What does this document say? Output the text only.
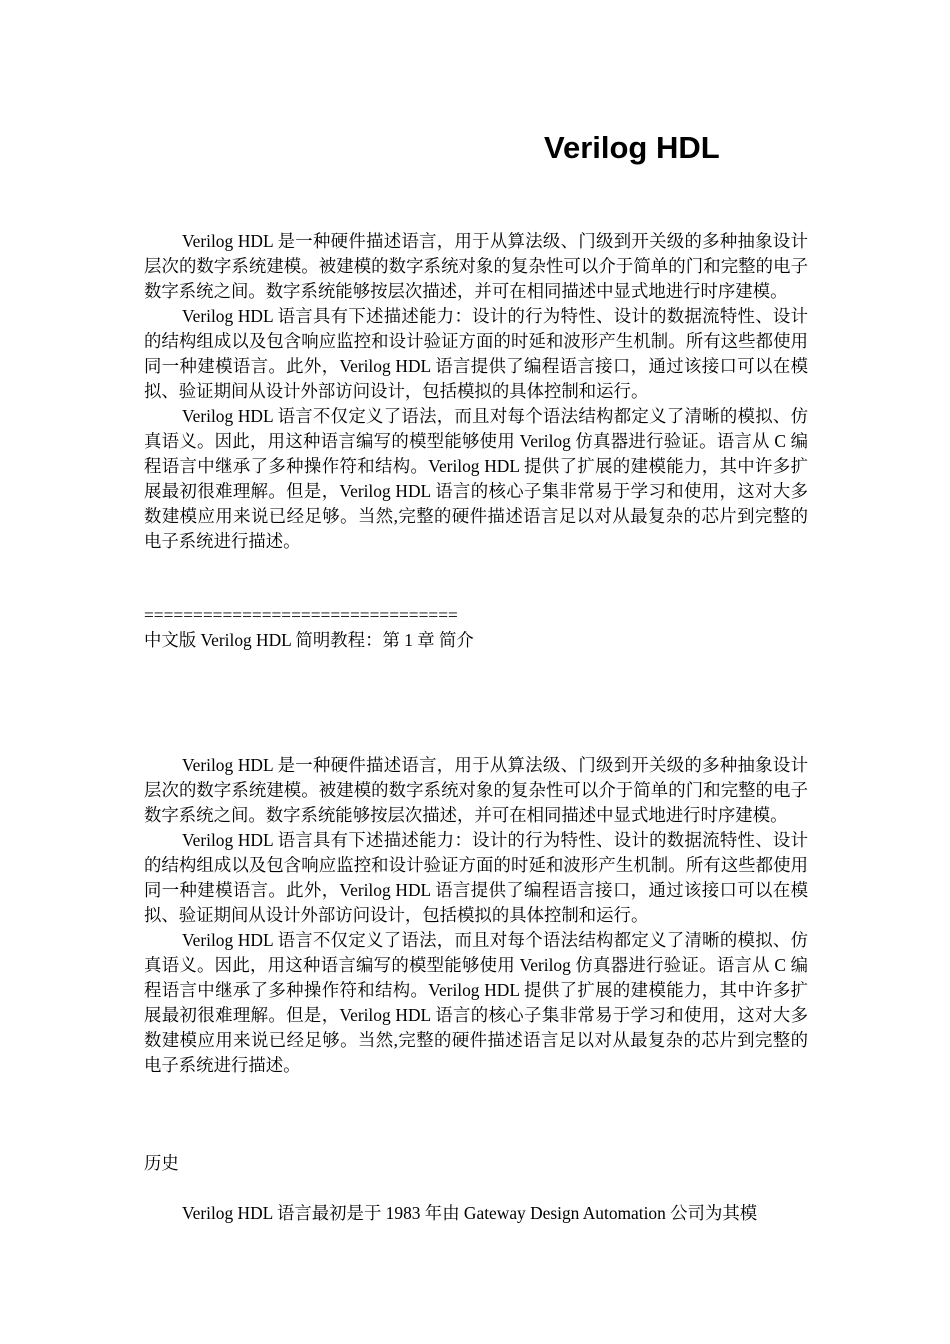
Verilog HDL

Verilog HDL 是一种硬件描述语言，用于从算法级、门级到开关级的多种抽象设计层次的数字系统建模。被建模的数字系统对象的复杂性可以介于简单的门和完整的电子数字系统之间。数字系统能够按层次描述，并可在相同描述中显式地进行时序建模。

Verilog HDL 语言具有下述描述能力：设计的行为特性、设计的数据流特性、设计的结构组成以及包含响应监控和设计验证方面的时延和波形产生机制。所有这些都使用同一种建模语言。此外，Verilog HDL 语言提供了编程语言接口，通过该接口可以在模拟、验证期间从设计外部访问设计，包括模拟的具体控制和运行。

Verilog HDL 语言不仅定义了语法，而且对每个语法结构都定义了清晰的模拟、仿真语义。因此，用这种语言编写的模型能够使用 Verilog 仿真器进行验证。语言从 C 编程语言中继承了多种操作符和结构。Verilog HDL 提供了扩展的建模能力，其中许多扩展最初很难理解。但是，Verilog HDL 语言的核心子集非常易于学习和使用，这对大多数建模应用来说已经足够。当然,完整的硬件描述语言足以对从最复杂的芯片到完整的电子系统进行描述。

================================
中文版 Verilog HDL 简明教程：第 1 章 简介

Verilog HDL 是一种硬件描述语言，用于从算法级、门级到开关级的多种抽象设计层次的数字系统建模。被建模的数字系统对象的复杂性可以介于简单的门和完整的电子数字系统之间。数字系统能够按层次描述，并可在相同描述中显式地进行时序建模。

Verilog HDL 语言具有下述描述能力：设计的行为特性、设计的数据流特性、设计的结构组成以及包含响应监控和设计验证方面的时延和波形产生机制。所有这些都使用同一种建模语言。此外，Verilog HDL 语言提供了编程语言接口，通过该接口可以在模拟、验证期间从设计外部访问设计，包括模拟的具体控制和运行。

Verilog HDL 语言不仅定义了语法，而且对每个语法结构都定义了清晰的模拟、仿真语义。因此，用这种语言编写的模型能够使用 Verilog 仿真器进行验证。语言从 C 编程语言中继承了多种操作符和结构。Verilog HDL 提供了扩展的建模能力，其中许多扩展最初很难理解。但是，Verilog HDL 语言的核心子集非常易于学习和使用，这对大多数建模应用来说已经足够。当然,完整的硬件描述语言足以对从最复杂的芯片到完整的电子系统进行描述。

历史

Verilog HDL 语言最初是于 1983 年由 Gateway Design Automation 公司为其模
